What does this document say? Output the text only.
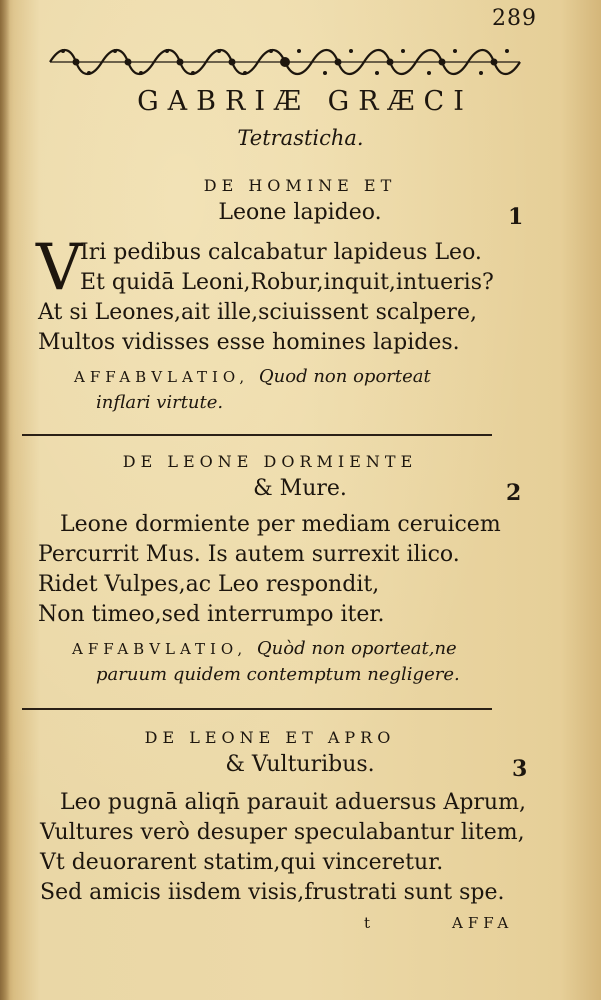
289
GABRIÆ GRÆCI
Tetrasticha.
DE HOMINE ET
Leone lapideo.	1
V
Iri pedibus calcabatur lapideus Leo.
Et quidā Leoni,Robur,inquit,intueris?
At si Leones,ait ille,sciuissent scalpere,
Multos vidisses esse homines lapides.
AFFABVLATIO, Quod non oporteat
inflari virtute.
DE LEONE DORMIENTE
& Mure.	2
Leone dormiente per mediam ceruicem
Percurrit Mus. Is autem surrexit ilico.
Ridet Vulpes,ac Leo respondit,
Non timeo,sed interrumpo iter.
AFFABVLATIO, Quòd non oporteat,ne
paruum quidem contemptum negligere.
DE LEONE ET APRO
& Vulturibus.	3
Leo pugnā aliqn̄ parauit aduersus Aprum,
Vultures verò desuper speculabantur litem,
Vt deuorarent statim,qui vinceretur.
Sed amicis iisdem visis,frustrati sunt spe.
t	AFFA
